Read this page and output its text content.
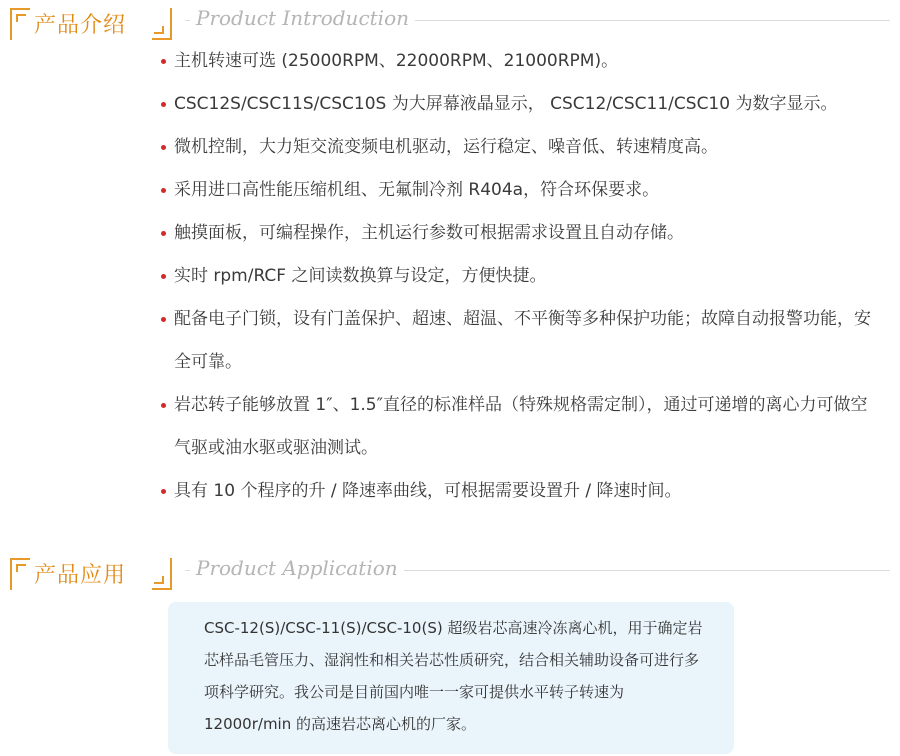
产品介绍	Product Introduction
主机转速可选 (25000RPM、22000RPM、21000RPM)。
CSC12S/CSC11S/CSC10S 为大屏幕液晶显示， CSC12/CSC11/CSC10 为数字显示。
微机控制，大力矩交流变频电机驱动，运行稳定、噪音低、转速精度高。
采用进口高性能压缩机组、无氟制冷剂 R404a，符合环保要求。
触摸面板，可编程操作，主机运行参数可根据需求设置且自动存储。
实时 rpm/RCF 之间读数换算与设定，方便快捷。
配备电子门锁，设有门盖保护、超速、超温、不平衡等多种保护功能；故障自动报警功能，安全可靠。
岩芯转子能够放置 1″、1.5″直径的标准样品（特殊规格需定制），通过可递增的离心力可做空气驱或油水驱或驱油测试。
具有 10 个程序的升 / 降速率曲线，可根据需要设置升 / 降速时间。
产品应用	Product Application

CSC-12(S)/CSC-11(S)/CSC-10(S) 超级岩芯高速冷冻离心机，用于确定岩芯样品毛管压力、湿润性和相关岩芯性质研究，结合相关辅助设备可进行多项科学研究。我公司是目前国内唯一一家可提供水平转子转速为 12000r/min 的高速岩芯离心机的厂家。
